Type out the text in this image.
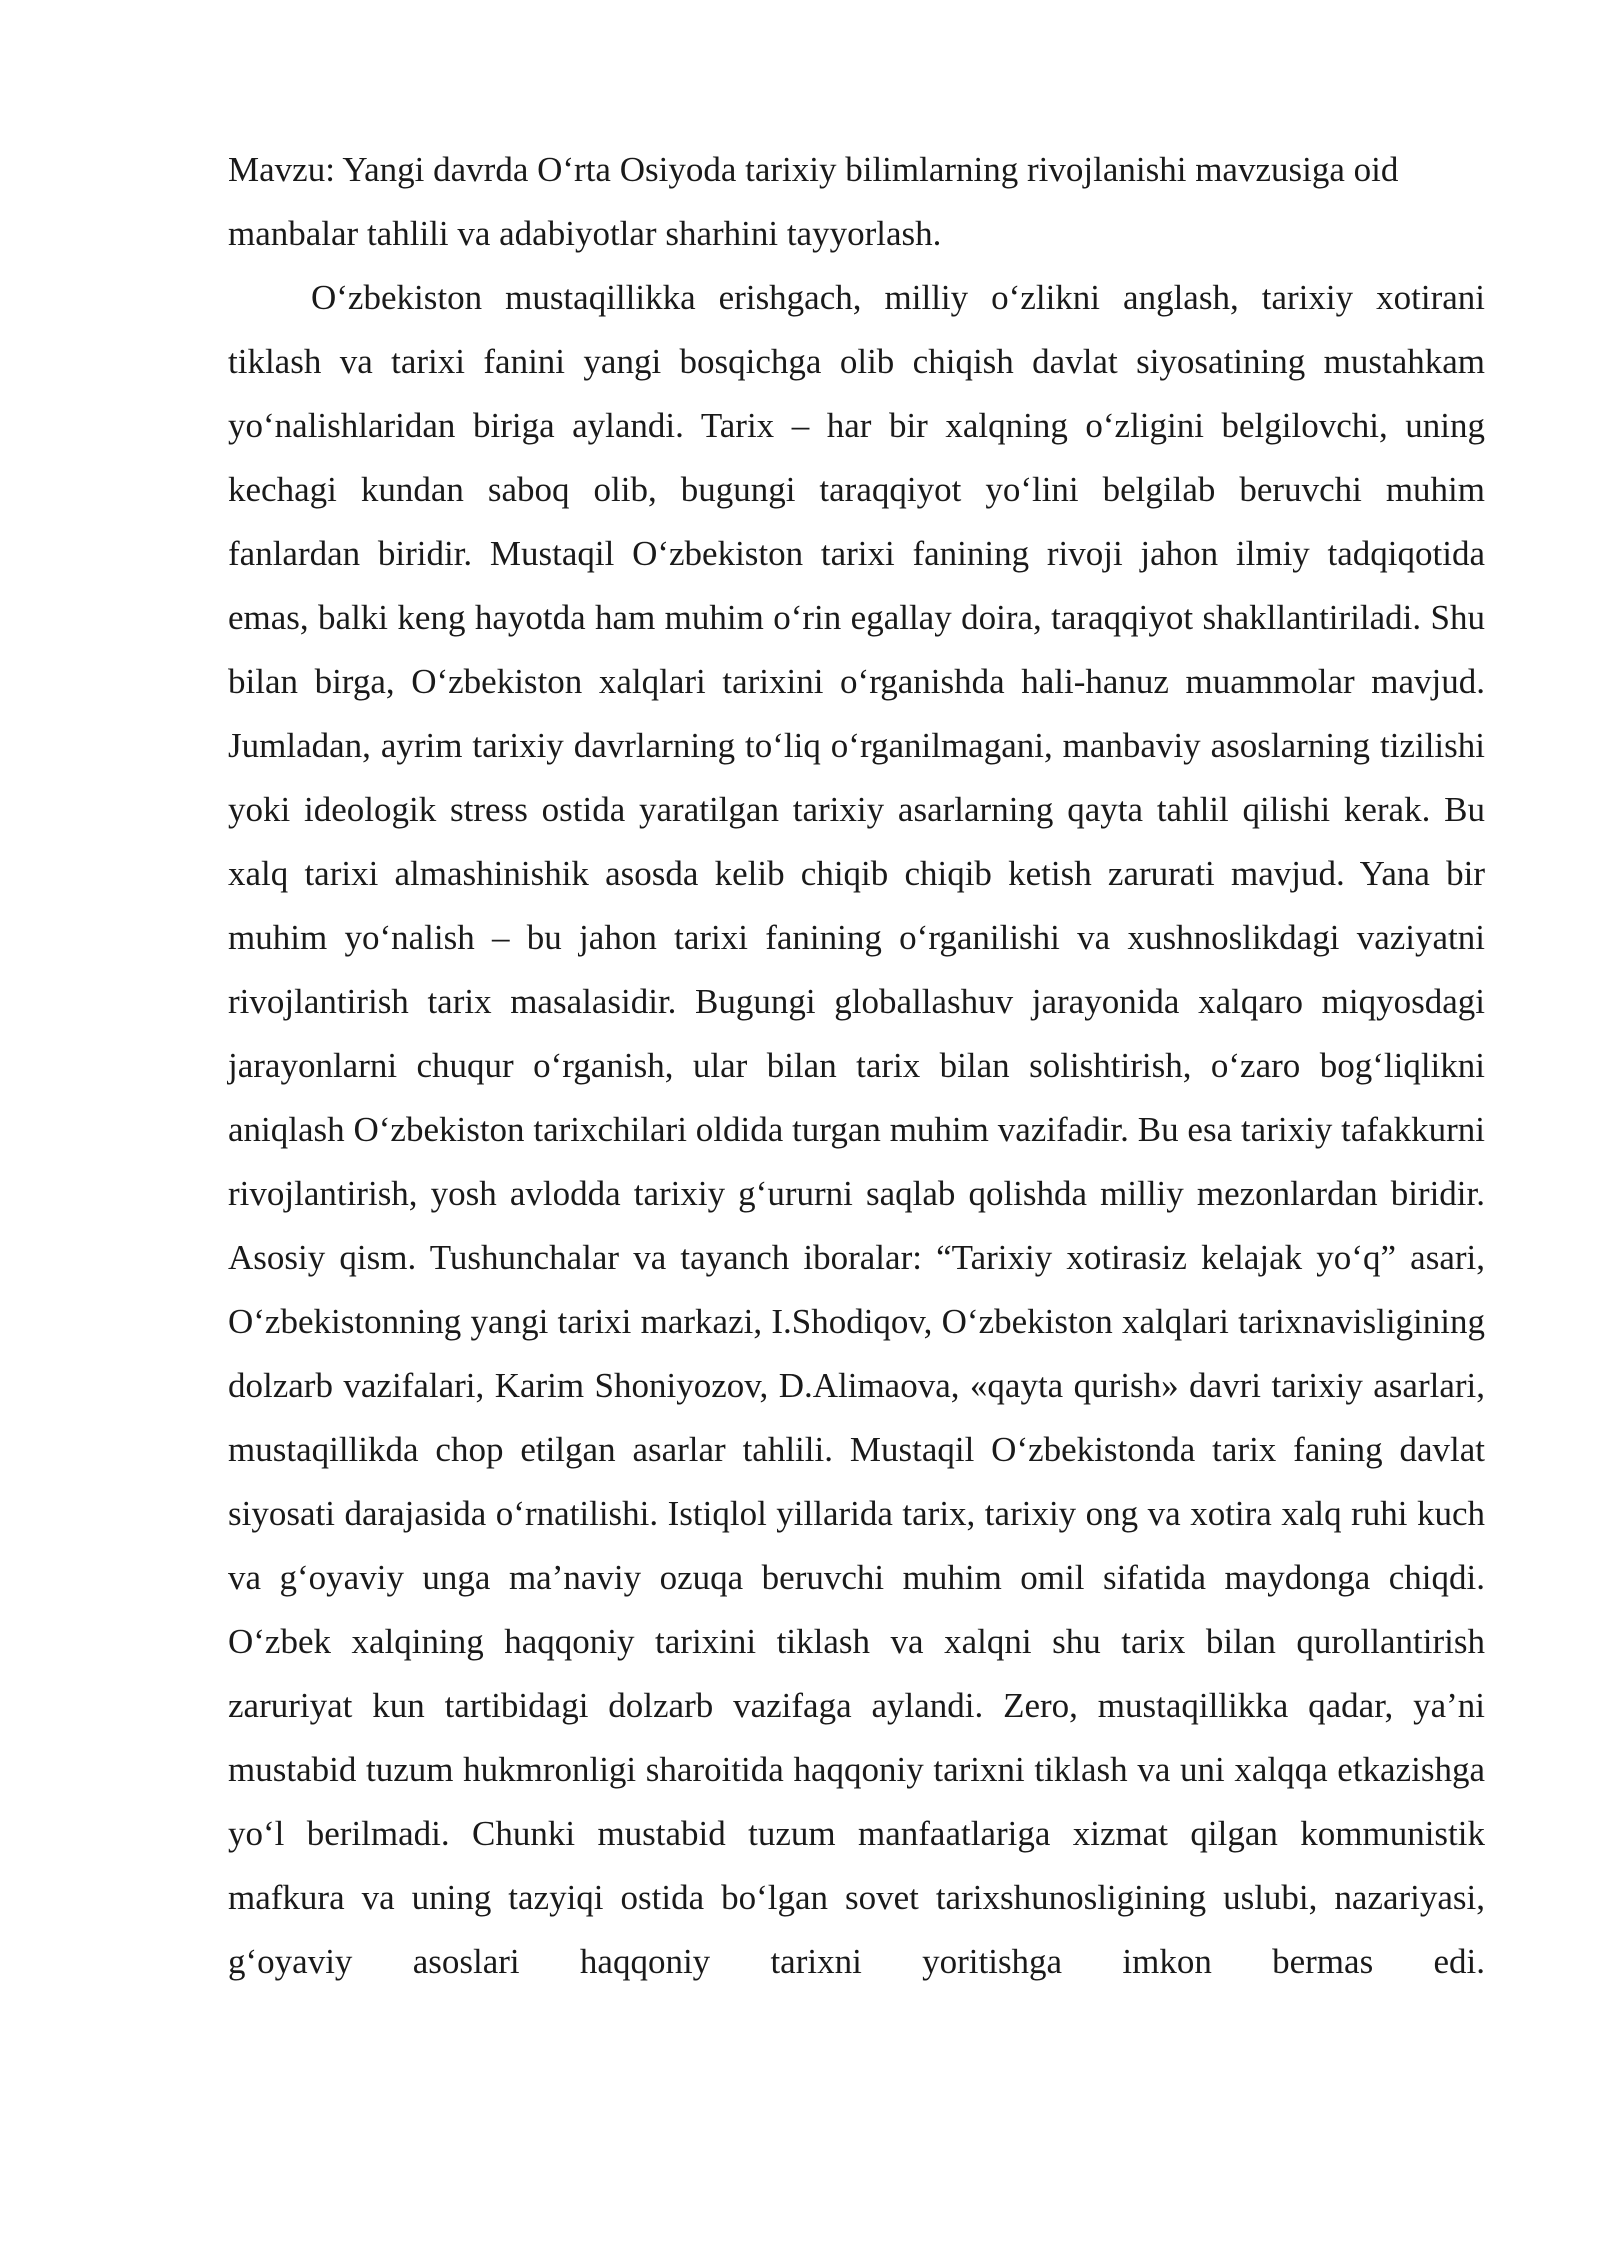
Mavzu: Yangi davrda O‘rta Osiyoda tarixiy bilimlarning rivojlanishi mavzusiga oid
manbalar tahlili va adabiyotlar sharhini tayyorlash.

O‘zbekiston mustaqillikka erishgach, milliy o‘zlikni anglash, tarixiy xotirani tiklash va tarixi fanini yangi bosqichga olib chiqish davlat siyosatining mustahkam yo‘nalishlaridan biriga aylandi. Tarix – har bir xalqning o‘zligini belgilovchi, uning kechagi kundan saboq olib, bugungi taraqqiyot yo‘lini belgilab beruvchi muhim fanlardan biridir. Mustaqil O‘zbekiston tarixi fanining rivoji jahon ilmiy tadqiqotida emas, balki keng hayotda ham muhim o‘rin egallay doira, taraqqiyot shakllantiriladi. Shu bilan birga, O‘zbekiston xalqlari tarixini o‘rganishda hali-hanuz muammolar mavjud. Jumladan, ayrim tarixiy davrlarning to‘liq o‘rganilmagani, manbaviy asoslarning tizilishi yoki ideologik stress ostida yaratilgan tarixiy asarlarning qayta tahlil qilishi kerak. Bu xalq tarixi almashinishik asosda kelib chiqib chiqib ketish zarurati mavjud. Yana bir muhim yo‘nalish – bu jahon tarixi fanining o‘rganilishi va xushnoslikdagi vaziyatni rivojlantirish tarix masalasidir. Bugungi globallashuv jarayonida xalqaro miqyosdagi jarayonlarni chuqur o‘rganish, ular bilan tarix bilan solishtirish, o‘zaro bog‘liqlikni aniqlash O‘zbekiston tarixchilari oldida turgan muhim vazifadir. Bu esa tarixiy tafakkurni rivojlantirish, yosh avlodda tarixiy g‘ururni saqlab qolishda milliy mezonlardan biridir. Asosiy qism. Tushunchalar va tayanch iboralar: “Tarixiy xotirasiz kelajak yo‘q” asari, O‘zbekistonning yangi tarixi markazi, I.Shodiqov, O‘zbekiston xalqlari tarixnavisligining dolzarb vazifalari, Karim Shoniyozov, D.Alimaova, «qayta qurish» davri tarixiy asarlari, mustaqillikda chop etilgan asarlar tahlili. Mustaqil O‘zbekistonda tarix faning davlat siyosati darajasida o‘rnatilishi. Istiqlol yillarida tarix, tarixiy ong va xotira xalq ruhi kuch va g‘oyaviy unga ma’naviy ozuqa beruvchi muhim omil sifatida maydonga chiqdi. O‘zbek xalqining haqqoniy tarixini tiklash va xalqni shu tarix bilan qurollantirish zaruriyat kun tartibidagi dolzarb vazifaga aylandi. Zero, mustaqillikka qadar, ya’ni mustabid tuzum hukmronligi sharoitida haqqoniy tarixni tiklash va uni xalqqa etkazishga yo‘l berilmadi. Chunki mustabid tuzum manfaatlariga xizmat qilgan kommunistik mafkura va uning tazyiqi ostida bo‘lgan sovet tarixshunosligining uslubi, nazariyasi, g‘oyaviy asoslari haqqoniy tarixni yoritishga imkon bermas edi.
